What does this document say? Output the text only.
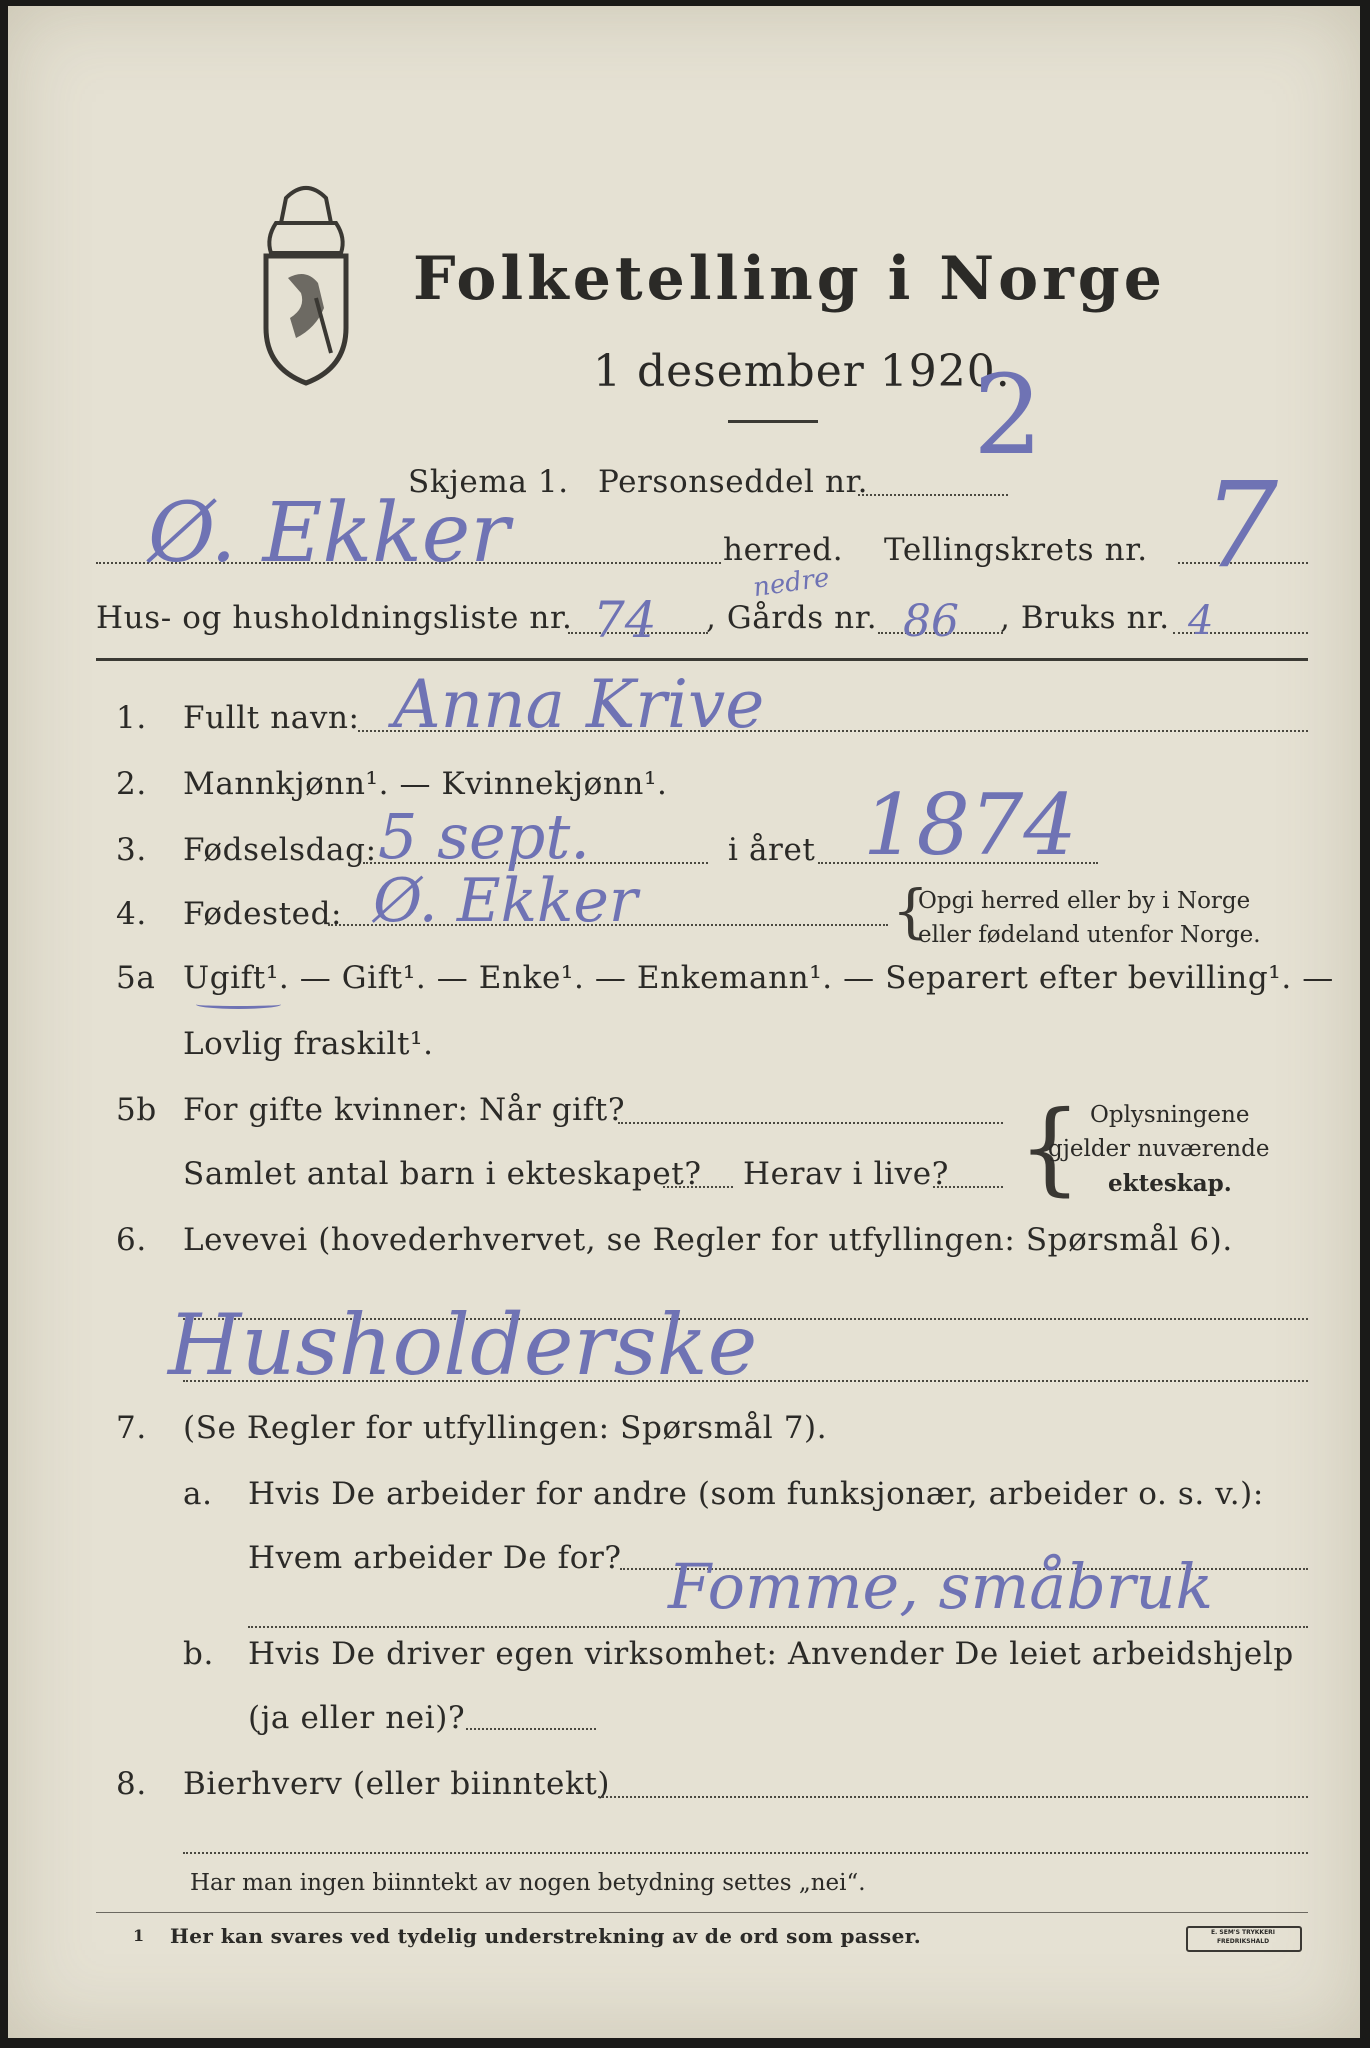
Folketelling i Norge
1 desember 1920.
2
Skjema 1. Personseddel nr.
Ø. Ekker	herred. Tellingskrets nr. 7
Hus- og husholdningsliste nr. 74 , Gårds nr.
nedre
86 , Bruks nr. 4
1. Fullt navn: Anna Krive
2. Mannkjønn¹. — Kvinnekjønn¹.
3. Fødselsdag: 5 sept.	i året 1874
4. Fødested: Ø. Ekker	{
Opgi herred eller by i Norge
eller fødeland utenfor Norge.
5a Ugift¹. — Gift¹. — Enke¹. — Enkemann¹. — Separert efter bevilling¹. —
Lovlig fraskilt¹.
5b For gifte kvinner: Når gift?
Samlet antal barn i ekteskapet? Herav i live? { Oplysningene
gjelder nuværende
ekteskap.
6. Levevei (hovederhvervet, se Regler for utfyllingen: Spørsmål 6).
Husholderske
7. (Se Regler for utfyllingen: Spørsmål 7).
a. Hvis De arbeider for andre (som funksjonær, arbeider o. s. v.):
Hvem arbeider De for? Fomme, småbruk
b. Hvis De driver egen virksomhet: Anvender De leiet arbeidshjelp
(ja eller nei)?
8. Bierhverv (eller biinntekt)
Har man ingen biinntekt av nogen betydning settes „nei“.
1 Her kan svares ved tydelig understrekning av de ord som passer.	E. SEM'S TRYKKERI FREDRIKSHALD
